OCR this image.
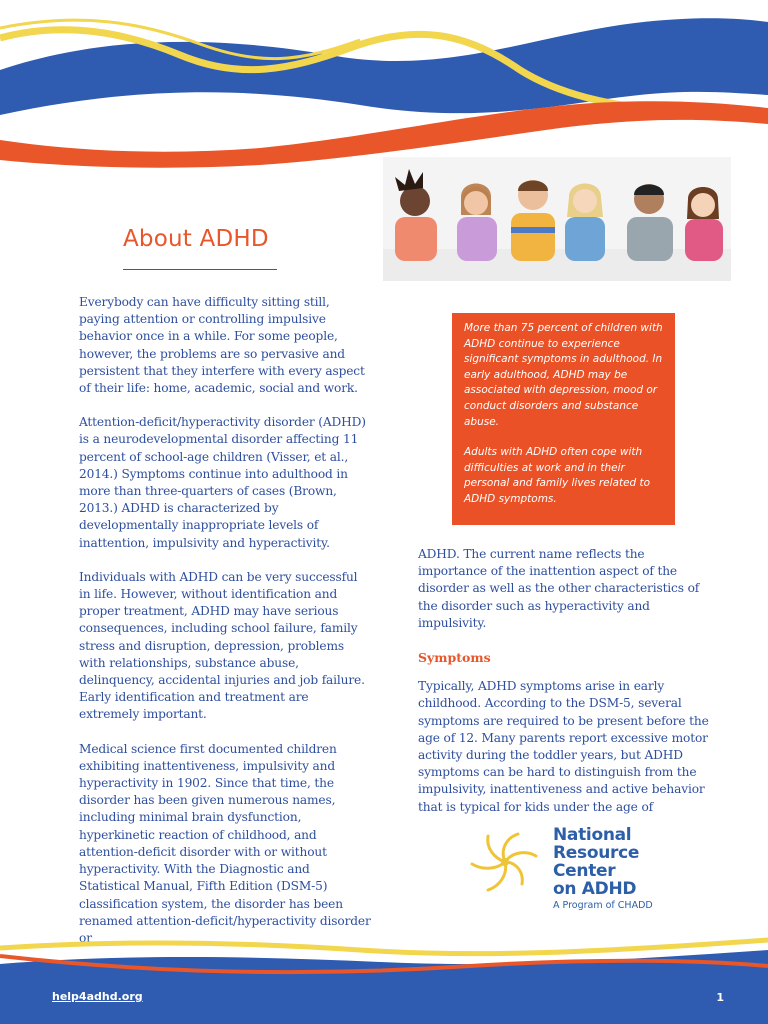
About ADHD

Everybody can have difficulty sitting still, paying attention or controlling impulsive behavior once in a while. For some people, however, the problems are so pervasive and persistent that they interfere with every aspect of their life: home, academic, social and work.

Attention-deficit/hyperactivity disorder (ADHD) is a neurodevelopmental disorder affecting 11 percent of school-age children (Visser, et al., 2014.) Symptoms continue into adulthood in more than three-quarters of cases (Brown, 2013.) ADHD is characterized by developmentally inappropriate levels of inattention, impulsivity and hyperactivity.

Individuals with ADHD can be very successful in life. However, without identification and proper treatment, ADHD may have serious consequences, including school failure, family stress and disruption, depression, problems with relationships, substance abuse, delinquency, accidental injuries and job failure. Early identification and treatment are extremely important.

Medical science first documented children exhibiting inattentiveness, impulsivity and hyperactivity in 1902. Since that time, the disorder has been given numerous names, including minimal brain dysfunction, hyperkinetic reaction of childhood, and attention-deficit disorder with or without hyperactivity. With the Diagnostic and Statistical Manual, Fifth Edition (DSM-5) classification system, the disorder has been renamed attention-deficit/hyperactivity disorder or

More than 75 percent of children with ADHD continue to experience significant symptoms in adulthood. In early adulthood, ADHD may be associated with depression, mood or conduct disorders and substance abuse.

Adults with ADHD often cope with difficulties at work and in their personal and family lives related to ADHD symptoms.

ADHD. The current name reflects the importance of the inattention aspect of the disorder as well as the other characteristics of the disorder such as hyperactivity and impulsivity.

Symptoms

Typically, ADHD symptoms arise in early childhood. According to the DSM-5, several symptoms are required to be present before the age of 12. Many parents report excessive motor activity during the toddler years, but ADHD symptoms can be hard to distinguish from the impulsivity, inattentiveness and active behavior that is typical for kids under the age of

National
Resource
Center
on ADHD
A Program of CHADD
help4adhd.org	1
